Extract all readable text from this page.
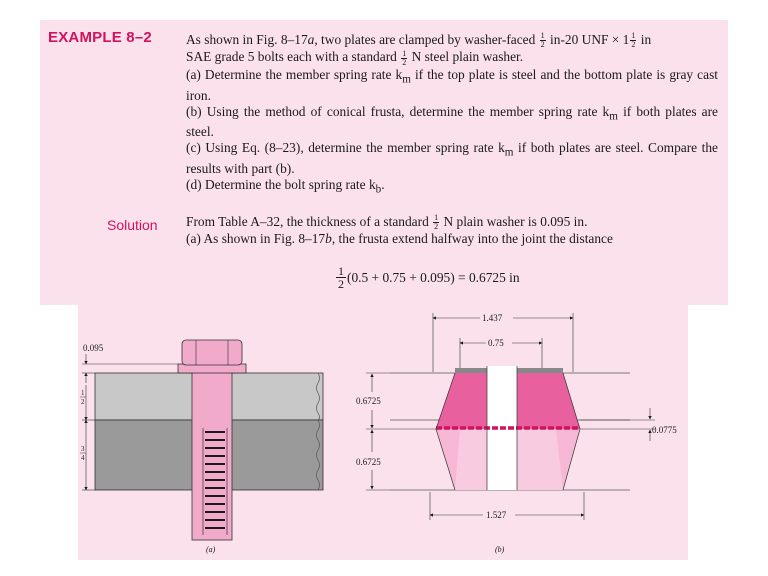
EXAMPLE 8–2	As shown in Fig. 8–17a, two plates are clamped by washer-faced $\frac{1}{2} in-20$ UNF × $1 \frac{1}{2}$ in
SAE grade 5 bolts each with a standard $\frac{1}{2}$ N steel plain washer.
(a) Determine the member spring rate $k_m$ if the top plate is steel and the bottom plate is gray cast iron.
(b) Using the method of conical frusta, determine the member spring rate $k_m$ if both plates are steel.
(c) Using Eq. (8–23), determine the member spring rate $k_m$ if both plates are steel. Compare the results with part (b).
(d) Determine the bolt spring rate $k_b$.
Solution From Table A–32, the thickness of a standard $\frac{1}{2}$ N plain washer is 0.095 in.
(a) As shown in Fig. 8–17b, the frusta extend halfway into the joint the distance
$\frac{1}{2} (0.5 + 0.75 + 0.095) = 0.6725$ in
0.095
1
2
3
4
(a)
1.437
0.75
0.6725
0.6725
0.0775
1.527
(b)
